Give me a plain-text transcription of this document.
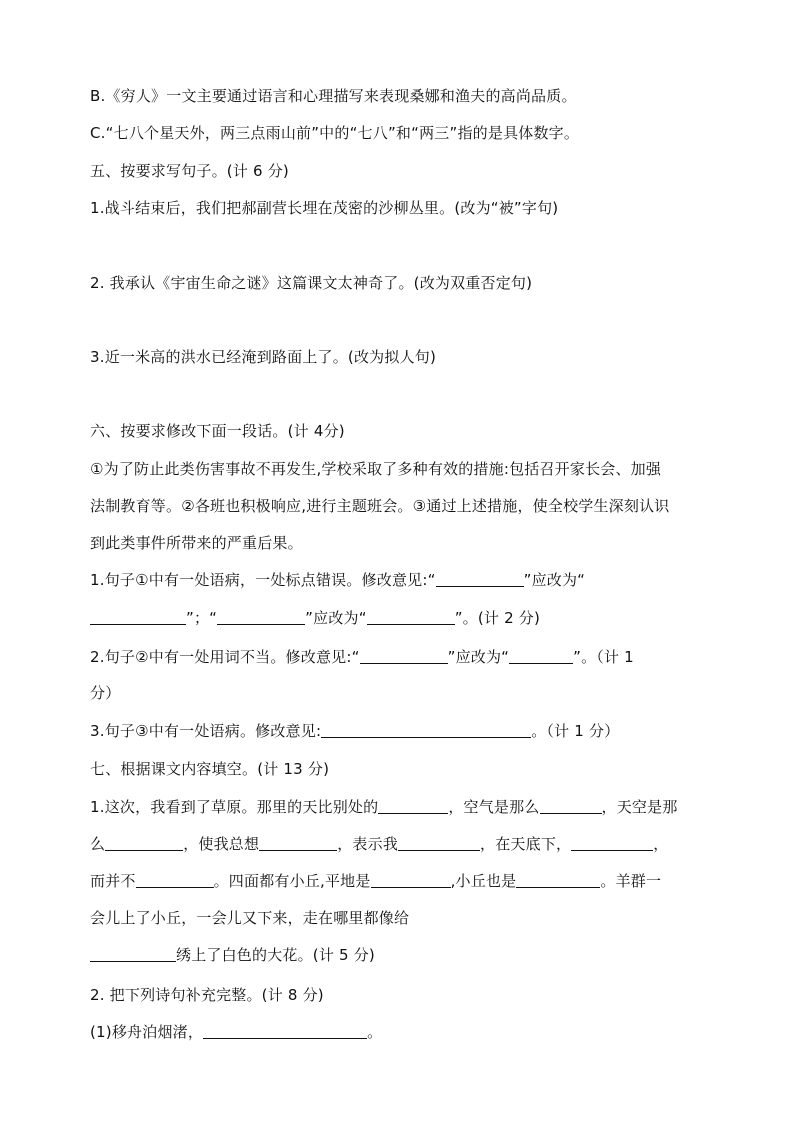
B.《穷人》一文主要通过语言和心理描写来表现桑娜和渔夫的高尚品质。
C.“七八个星天外，两三点雨山前”中的“七八”和“两三”指的是具体数字。
五、按要求写句子。(计 6 分)
1.战斗结束后，我们把郝副营长埋在茂密的沙柳丛里。(改为“被”字句)
2. 我承认《宇宙生命之谜》这篇课文太神奇了。(改为双重否定句)
3.近一米高的洪水已经淹到路面上了。(改为拟人句)
六、按要求修改下面一段话。(计 4分)
①为了防止此类伤害事故不再发生,学校采取了多种有效的措施:包括召开家长会、加强
法制教育等。②各班也积极响应,进行主题班会。③通过上述措施，使全校学生深刻认识
到此类事件所带来的严重后果。
1.句子①中有一处语病，一处标点错误。修改意见:“	”应改为“
”；“	”应改为“	”。(计 2 分)
2.句子②中有一处用词不当。修改意见:“	”应改为“	”。（计 1
分）
3.句子③中有一处语病。修改意见:	。（计 1 分）
七、根据课文内容填空。(计 13 分)
1.这次，我看到了草原。那里的天比别处的	，空气是那么	，天空是那
么	，使我总想	，表示我	，在天底下，	，
而并不	。四面都有小丘,平地是	,小丘也是	。羊群一
会儿上了小丘，一会儿又下来，走在哪里都像给
绣上了白色的大花。(计 5 分)
2. 把下列诗句补充完整。(计 8 分)
(1)移舟泊烟渚，	。
